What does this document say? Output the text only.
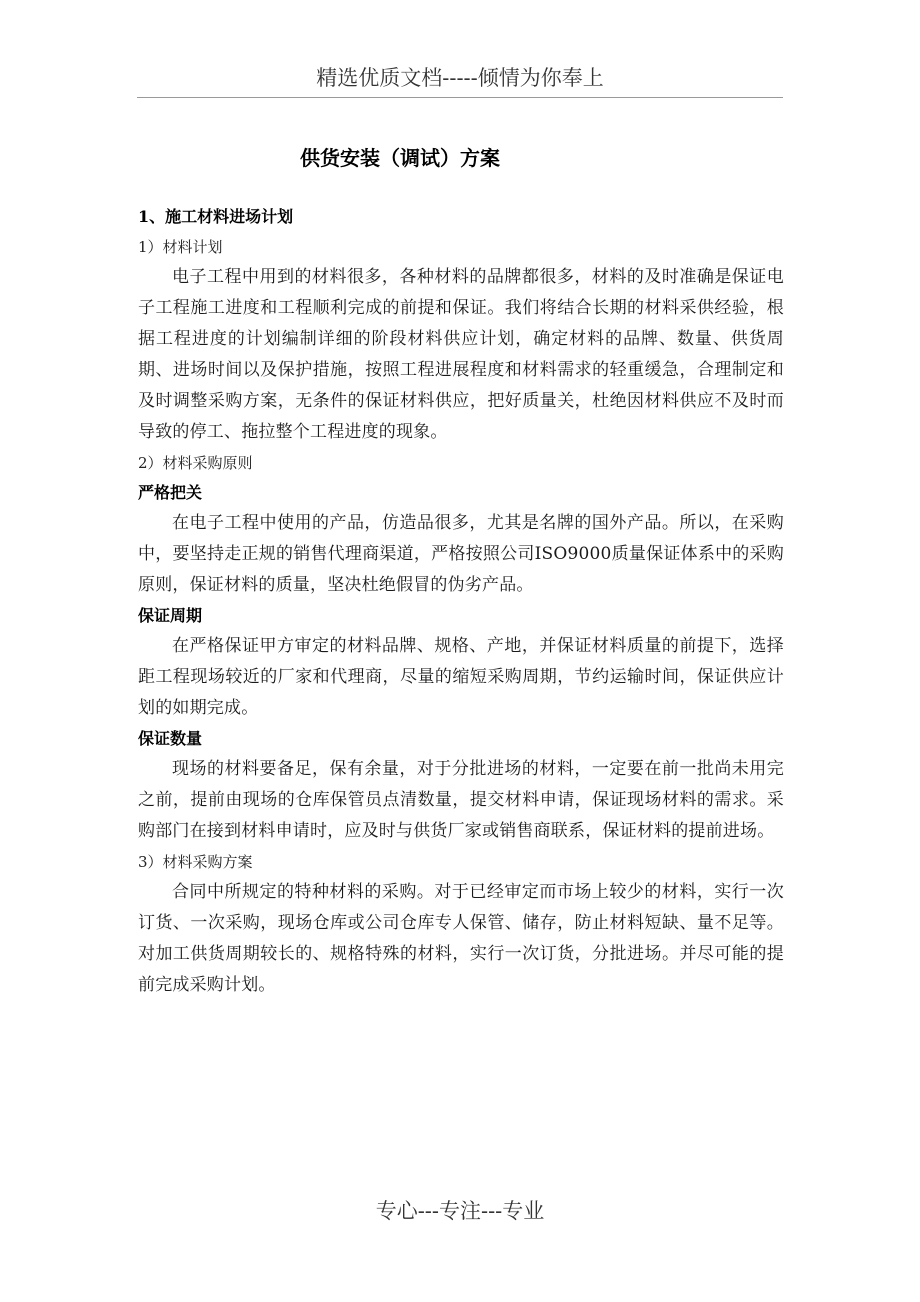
精选优质文档-----倾情为你奉上
供货安装（调试）方案

1、施工材料进场计划

1）材料计划

电子工程中用到的材料很多，各种材料的品牌都很多，材料的及时准确是保证电子工程施工进度和工程顺利完成的前提和保证。我们将结合长期的材料采供经验，根据工程进度的计划编制详细的阶段材料供应计划，确定材料的品牌、数量、供货周期、进场时间以及保护措施，按照工程进展程度和材料需求的轻重缓急，合理制定和及时调整采购方案，无条件的保证材料供应，把好质量关，杜绝因材料供应不及时而导致的停工、拖拉整个工程进度的现象。

2）材料采购原则

严格把关

在电子工程中使用的产品，仿造品很多，尤其是名牌的国外产品。所以，在采购中，要坚持走正规的销售代理商渠道，严格按照公司ISO9000质量保证体系中的采购原则，保证材料的质量，坚决杜绝假冒的伪劣产品。

保证周期

在严格保证甲方审定的材料品牌、规格、产地，并保证材料质量的前提下，选择距工程现场较近的厂家和代理商，尽量的缩短采购周期，节约运输时间，保证供应计划的如期完成。

保证数量

现场的材料要备足，保有余量，对于分批进场的材料，一定要在前一批尚未用完之前，提前由现场的仓库保管员点清数量，提交材料申请，保证现场材料的需求。采购部门在接到材料申请时，应及时与供货厂家或销售商联系，保证材料的提前进场。

3）材料采购方案

合同中所规定的特种材料的采购。对于已经审定而市场上较少的材料，实行一次订货、一次采购，现场仓库或公司仓库专人保管、储存，防止材料短缺、量不足等。对加工供货周期较长的、规格特殊的材料，实行一次订货，分批进场。并尽可能的提前完成采购计划。

专心---专注---专业
